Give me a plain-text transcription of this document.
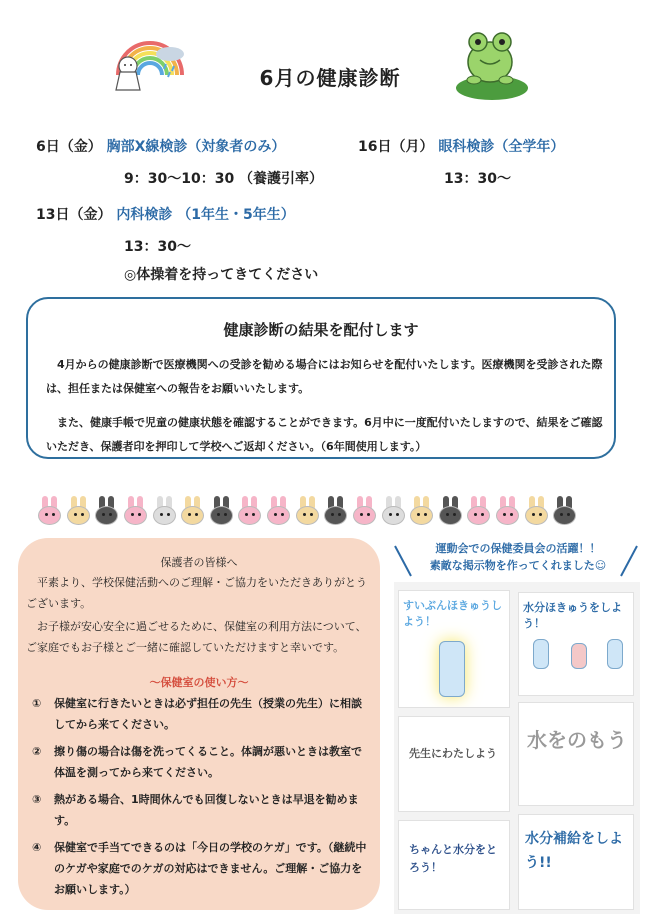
6月の健康診断
6日（金） 胸部X線検診（対象者のみ）
9：30～10：30 （養護引率）
16日（月） 眼科検診（全学年）
13：30～
13日（金） 内科検診 （1年生・5年生）
13：30～
◎体操着を持ってきてください
健康診断の結果を配付します

4月からの健康診断で医療機関への受診を勧める場合にはお知らせを配付いたします。医療機関を受診された際は、担任または保健室への報告をお願いいたします。

また、健康手帳で児童の健康状態を確認することができます。6月中に一度配付いたしますので、結果をご確認いただき、保護者印を押印して学校へご返却ください。（6年間使用します。）

保護者の皆様へ
平素より、学校保健活動へのご理解・ご協力をいただきありがとうございます。
お子様が安心安全に過ごせるために、保健室の利用方法について、ご家庭でもお子様とご一緒に確認していただけますと幸いです。
～保健室の使い方～
①	保健室に行きたいときは必ず担任の先生（授業の先生）に相談してから来てください。
②	擦り傷の場合は傷を洗ってくること。体調が悪いときは教室で体温を測ってから来てください。
③	熱がある場合、1時間休んでも回復しないときは早退を勧めます。
④	保健室で手当てできるのは「今日の学校のケガ」です。（継続中のケガや家庭でのケガの対応はできません。ご理解・ご協力をお願いします。）
運動会での保健委員会の活躍！！
素敵な掲示物を作ってくれました☺
すいぶんほきゅうしよう！
水分ほきゅうをしよう！
先生にわたしよう
水をのもう
ちゃんと水分をとろう！
水分補給をしよう!!
